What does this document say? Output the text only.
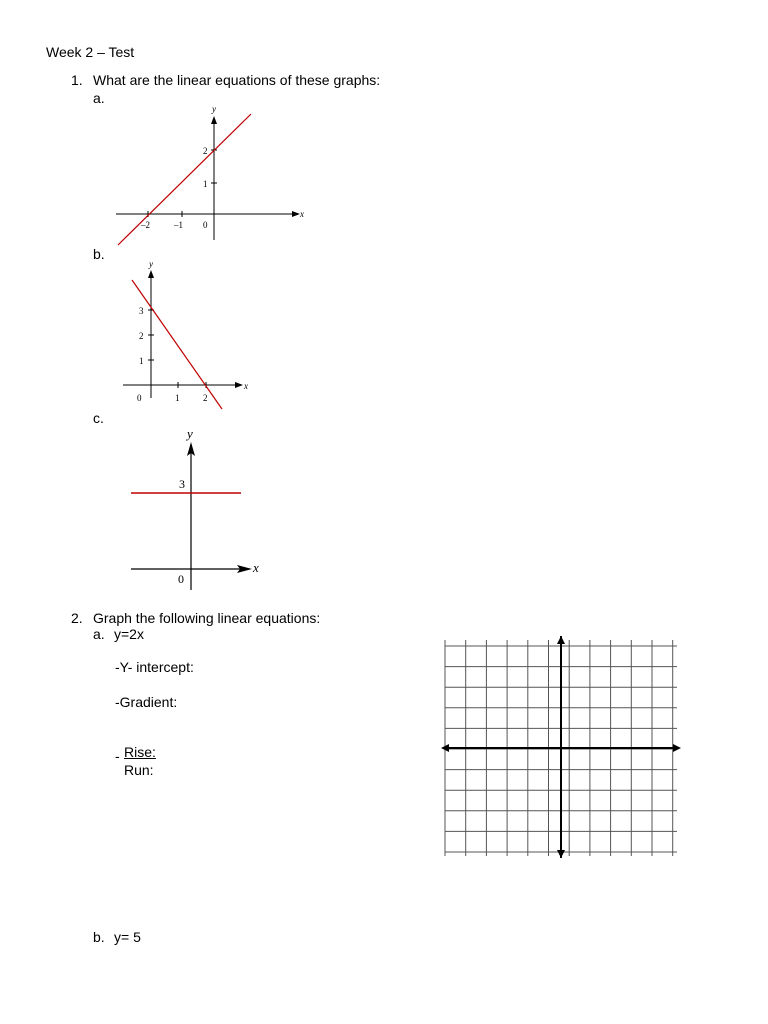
Week 2 – Test
1. What are the linear equations of these graphs:
a.
y
x
2
1
–2	–1 0
b.
y
x
3
2
1
0	1	2
c.
y
x
3
0
2. Graph the following linear equations:
a. y=2x
-Y- intercept:
-Gradient:
- Rise:
Run:
b. y= 5
